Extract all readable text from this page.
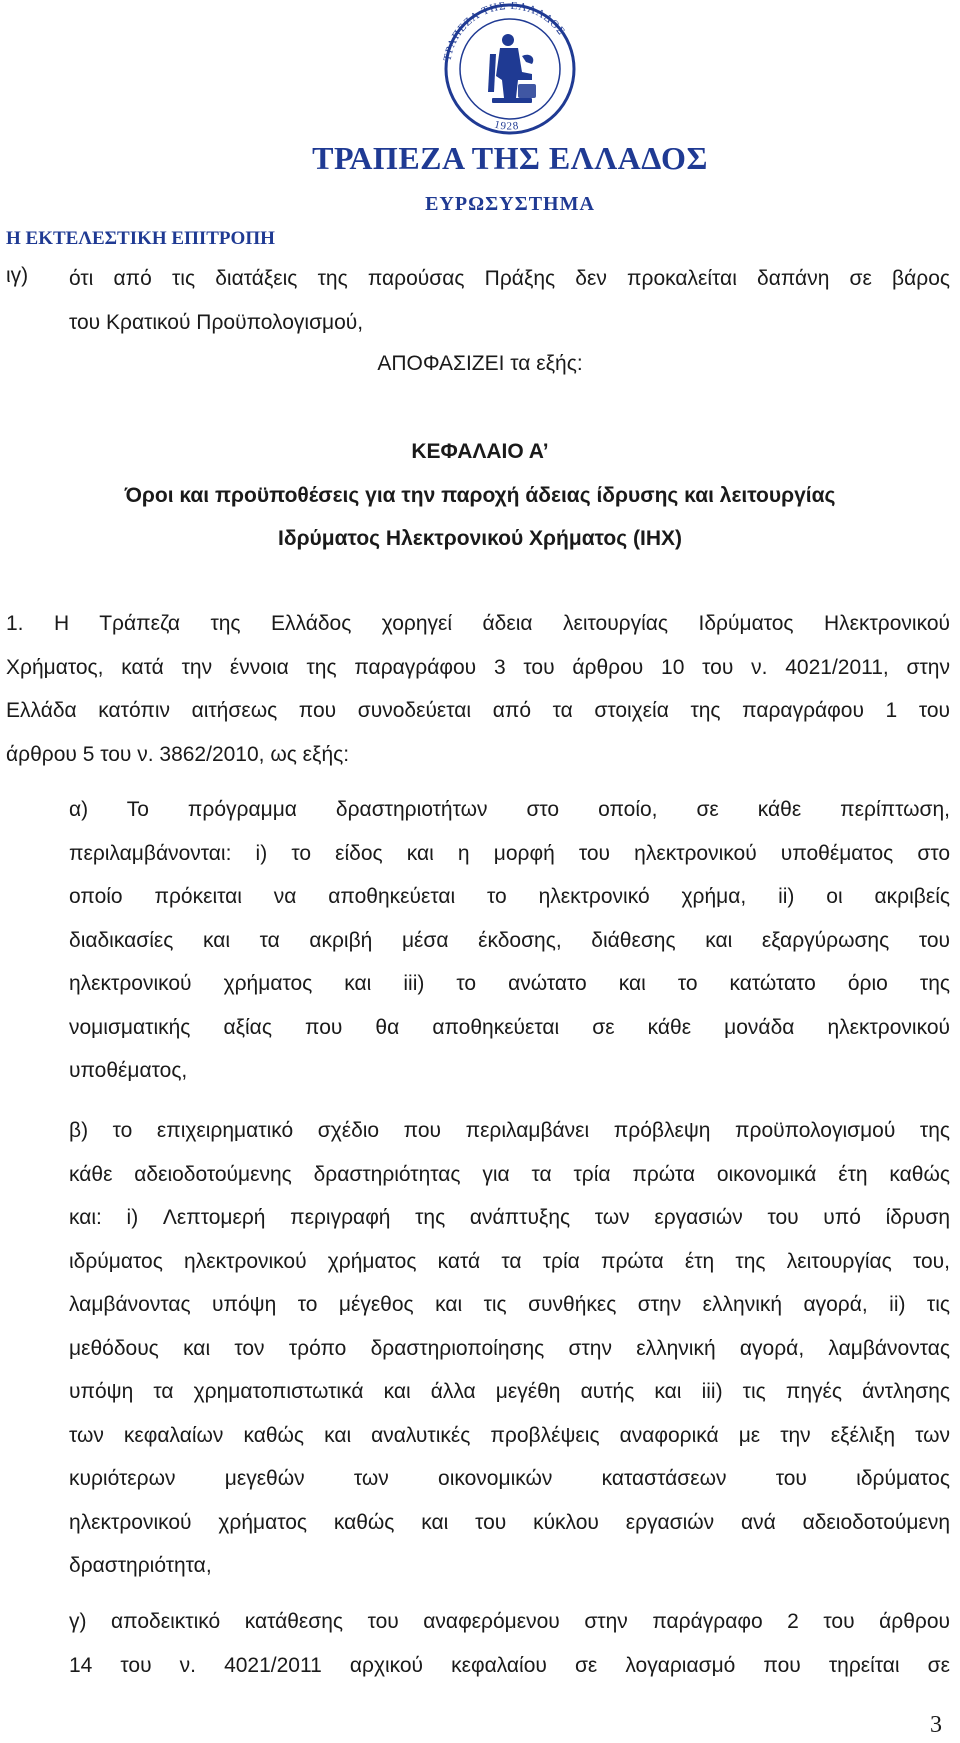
ΤΡΑΠΕΖΑ ΤΗΣ ΕΛΛΑΔΟΣ
1928
ΤΡΑΠΕΖΑ ΤΗΣ ΕΛΛΑΔΟΣ
ΕΥΡΩΣΥΣΤΗΜΑ
Η ΕΚΤΕΛΕΣΤΙΚΗ ΕΠΙΤΡΟΠΗ
ιγ) ότι από τις διατάξεις της παρούσας Πράξης δεν προκαλείται δαπάνη σε βάρος
του Κρατικού Προϋπολογισμού,
ΑΠΟΦΑΣΙΖΕΙ τα εξής:
ΚΕΦΑΛΑΙΟ Α’
Όροι και προϋποθέσεις για την παροχή άδειας ίδρυσης και λειτουργίας
Ιδρύματος Ηλεκτρονικού Χρήματος (ΙΗΧ)
1. Η Τράπεζα της Ελλάδος χορηγεί άδεια λειτουργίας Ιδρύματος Ηλεκτρονικού
Χρήματος, κατά την έννοια της παραγράφου 3 του άρθρου 10 του ν. 4021/2011, στην
Ελλάδα κατόπιν αιτήσεως που συνοδεύεται από τα στοιχεία της παραγράφου 1 του
άρθρου 5 του ν. 3862/2010, ως εξής:
α) Το πρόγραμμα δραστηριοτήτων στο οποίο, σε κάθε περίπτωση,
περιλαμβάνονται: i) το είδος και η μορφή του ηλεκτρονικού υποθέματος στο
οποίο πρόκειται να αποθηκεύεται το ηλεκτρονικό χρήμα, ii) οι ακριβείς
διαδικασίες και τα ακριβή μέσα έκδοσης, διάθεσης και εξαργύρωσης του
ηλεκτρονικού χρήματος και iii) το ανώτατο και το κατώτατο όριο της
νομισματικής αξίας που θα αποθηκεύεται σε κάθε μονάδα ηλεκτρονικού
υποθέματος,
β) το επιχειρηματικό σχέδιο που περιλαμβάνει πρόβλεψη προϋπολογισμού της
κάθε αδειοδοτούμενης δραστηριότητας για τα τρία πρώτα οικονομικά έτη καθώς
και: i) Λεπτομερή περιγραφή της ανάπτυξης των εργασιών του υπό ίδρυση
ιδρύματος ηλεκτρονικού χρήματος κατά τα τρία πρώτα έτη της λειτουργίας του,
λαμβάνοντας υπόψη το μέγεθος και τις συνθήκες στην ελληνική αγορά, ii) τις
μεθόδους και τον τρόπο δραστηριοποίησης στην ελληνική αγορά, λαμβάνοντας
υπόψη τα χρηματοπιστωτικά και άλλα μεγέθη αυτής και iii) τις πηγές άντλησης
των κεφαλαίων καθώς και αναλυτικές προβλέψεις αναφορικά με την εξέλιξη των
κυριότερων μεγεθών των οικονομικών καταστάσεων του ιδρύματος
ηλεκτρονικού χρήματος καθώς και του κύκλου εργασιών ανά αδειοδοτούμενη
δραστηριότητα,
γ) αποδεικτικό κατάθεσης του αναφερόμενου στην παράγραφο 2 του άρθρου
14 του ν. 4021/2011 αρχικού κεφαλαίου σε λογαριασμό που τηρείται σε
3
